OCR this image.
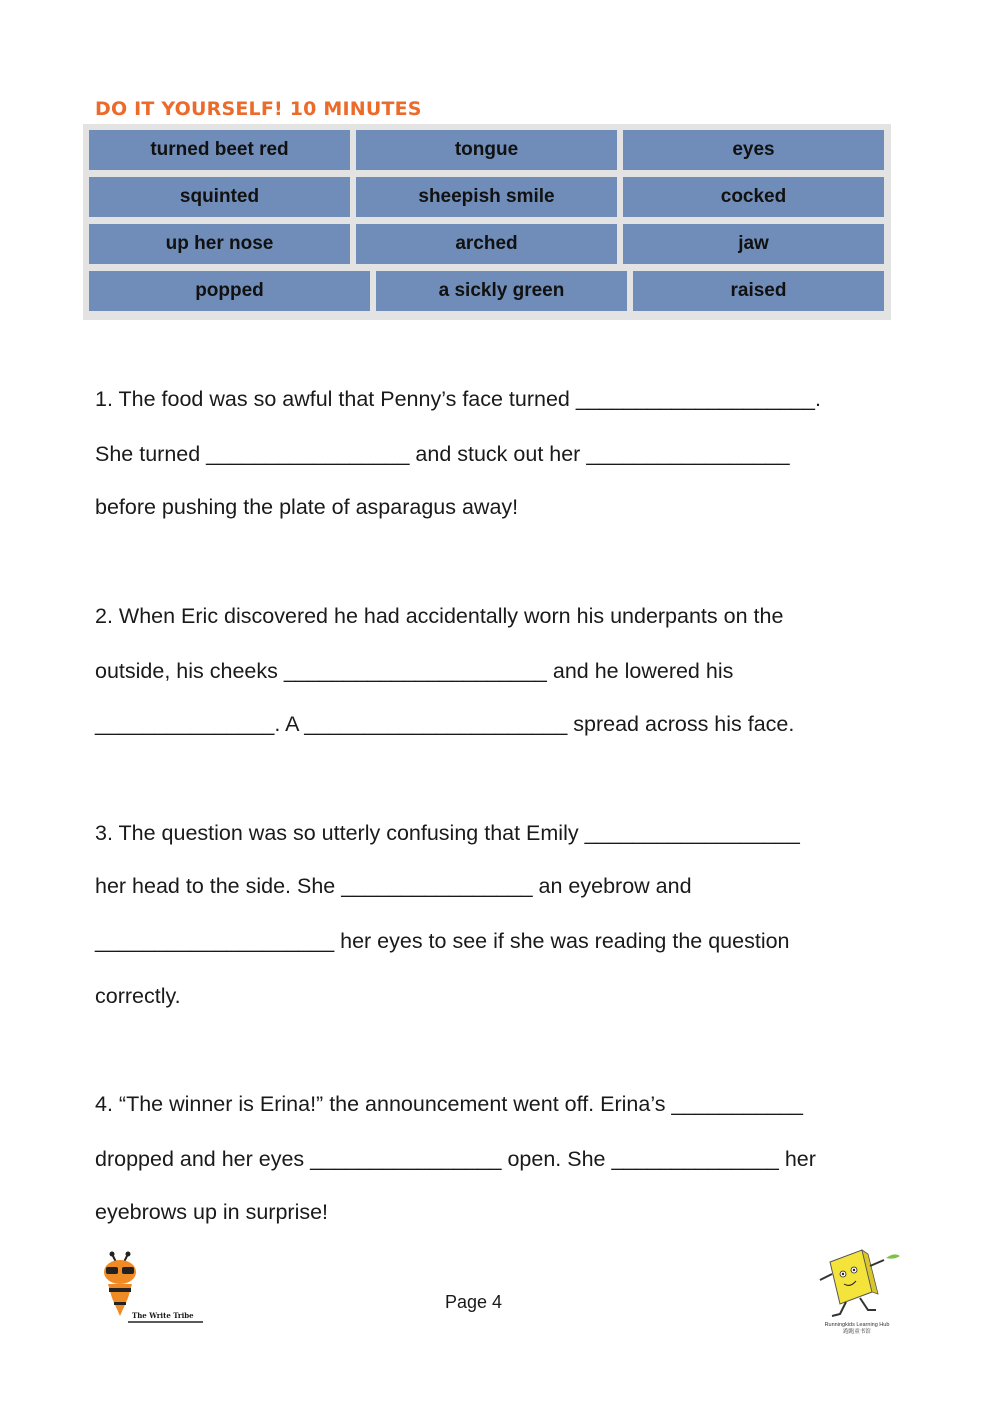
DO IT YOURSELF! 10 MINUTES
turned beet red	tongue	eyes
squinted	sheepish smile	cocked
up her nose	arched	jaw
popped	a sickly green	raised
1. The food was so awful that Penny’s face turned ____________________.
She turned _________________ and stuck out her _________________
before pushing the plate of asparagus away!
2. When Eric discovered he had accidentally worn his underpants on the
outside, his cheeks ______________________ and he lowered his
_______________. A ______________________ spread across his face.
3. The question was so utterly confusing that Emily __________________
her head to the side. She ________________ an eyebrow and
____________________ her eyes to see if she was reading the question
correctly.
4. “The winner is Erina!” the announcement went off. Erina’s ___________
dropped and her eyes ________________ open. She ______________ her
eyebrows up in surprise!
The Write Tribe
Page 4
Runningkids Learning Hub
跑跑童书馆
